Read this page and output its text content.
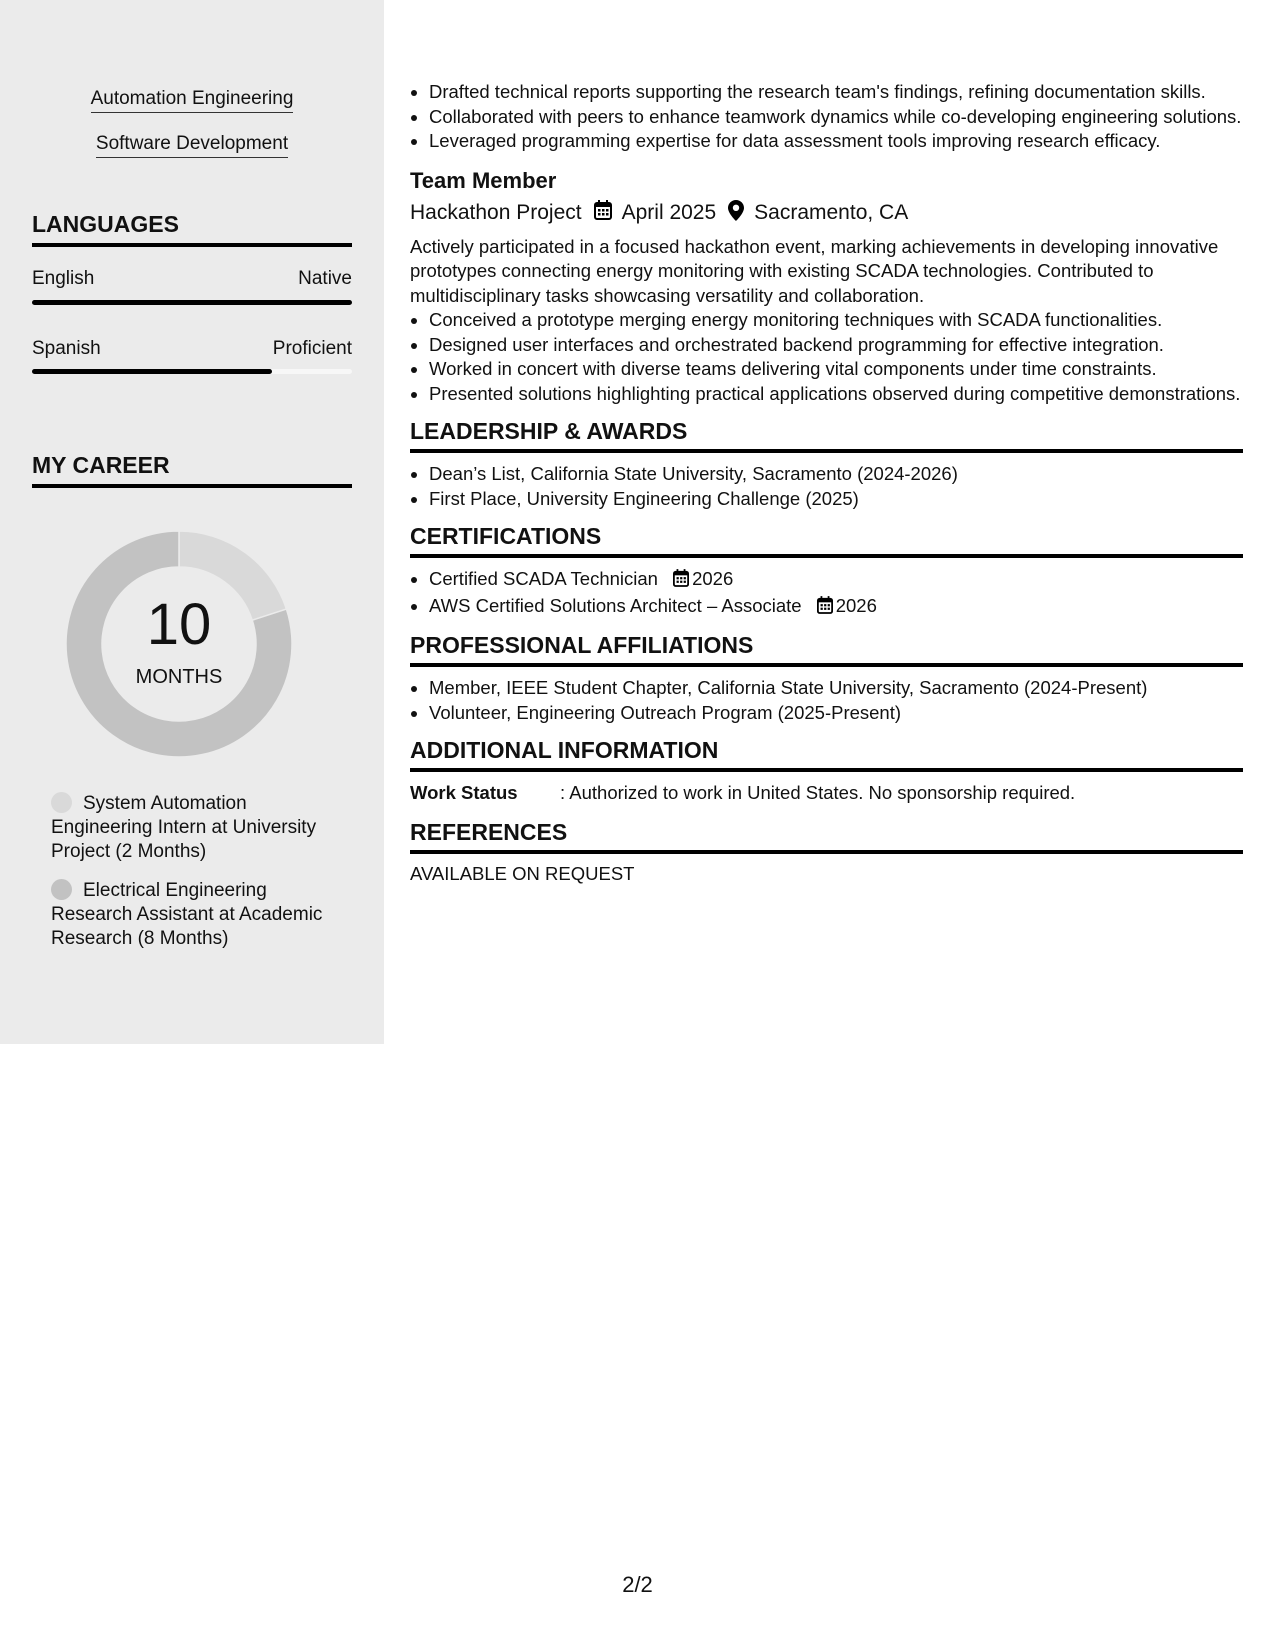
Automation Engineering
Software Development
LANGUAGES
English	Native
Spanish	Proficient
MY CAREER
10
MONTHS
System Automation Engineering Intern at University Project (2 Months)
Electrical Engineering Research Assistant at Academic Research (8 Months)
• Drafted technical reports supporting the research team's findings, refining documentation skills.
• Collaborated with peers to enhance teamwork dynamics while co-developing engineering solutions.
• Leveraged programming expertise for data assessment tools improving research efficacy.
Team Member
Hackathon Project April 2025 Sacramento, CA
Actively participated in a focused hackathon event, marking achievements in developing innovative prototypes connecting energy monitoring with existing SCADA technologies. Contributed to multidisciplinary tasks showcasing versatility and collaboration.
• Conceived a prototype merging energy monitoring techniques with SCADA functionalities.
• Designed user interfaces and orchestrated backend programming for effective integration.
• Worked in concert with diverse teams delivering vital components under time constraints.
• Presented solutions highlighting practical applications observed during competitive demonstrations.
LEADERSHIP & AWARDS
• Dean’s List, California State University, Sacramento (2024-2026)
• First Place, University Engineering Challenge (2025)
CERTIFICATIONS
• Certified SCADA Technician 2026
• AWS Certified Solutions Architect – Associate 2026
PROFESSIONAL AFFILIATIONS
• Member, IEEE Student Chapter, California State University, Sacramento (2024-Present)
• Volunteer, Engineering Outreach Program (2025-Present)
ADDITIONAL INFORMATION
Work Status : Authorized to work in United States. No sponsorship required.
REFERENCES
AVAILABLE ON REQUEST
2/2
